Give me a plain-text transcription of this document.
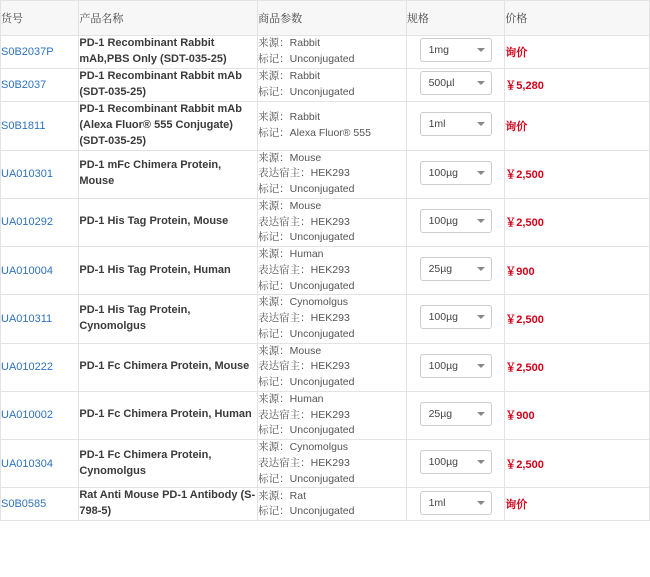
货号	产品名称	商品参数	规格	价格
S0B2037P	PD-1 Recombinant Rabbit mAb,PBS Only (SDT-035-25)	来源：Rabbit
标记：Unconjugated	1mg	询价
S0B2037	PD-1 Recombinant Rabbit mAb (SDT-035-25)	来源：Rabbit
标记：Unconjugated	500µl	￥5,280
S0B1811	PD-1 Recombinant Rabbit mAb (Alexa Fluor® 555 Conjugate) (SDT-035-25)	来源：Rabbit
标记：Alexa Fluor® 555	1ml	询价
UA010301	PD-1 mFc Chimera Protein, Mouse	来源：Mouse
表达宿主：HEK293
标记：Unconjugated	100µg	￥2,500
UA010292	PD-1 His Tag Protein, Mouse	来源：Mouse
表达宿主：HEK293
标记：Unconjugated	100µg	￥2,500
UA010004	PD-1 His Tag Protein, Human	来源：Human
表达宿主：HEK293
标记：Unconjugated	25µg	￥900
UA010311	PD-1 His Tag Protein, Cynomolgus	来源：Cynomolgus
表达宿主：HEK293
标记：Unconjugated	100µg	￥2,500
UA010222	PD-1 Fc Chimera Protein, Mouse	来源：Mouse
表达宿主：HEK293
标记：Unconjugated	100µg	￥2,500
UA010002	PD-1 Fc Chimera Protein, Human	来源：Human
表达宿主：HEK293
标记：Unconjugated	25µg	￥900
UA010304	PD-1 Fc Chimera Protein, Cynomolgus	来源：Cynomolgus
表达宿主：HEK293
标记：Unconjugated	100µg	￥2,500
S0B0585	Rat Anti Mouse PD-1 Antibody (S-798-5)	来源：Rat
标记：Unconjugated	1ml	询价
